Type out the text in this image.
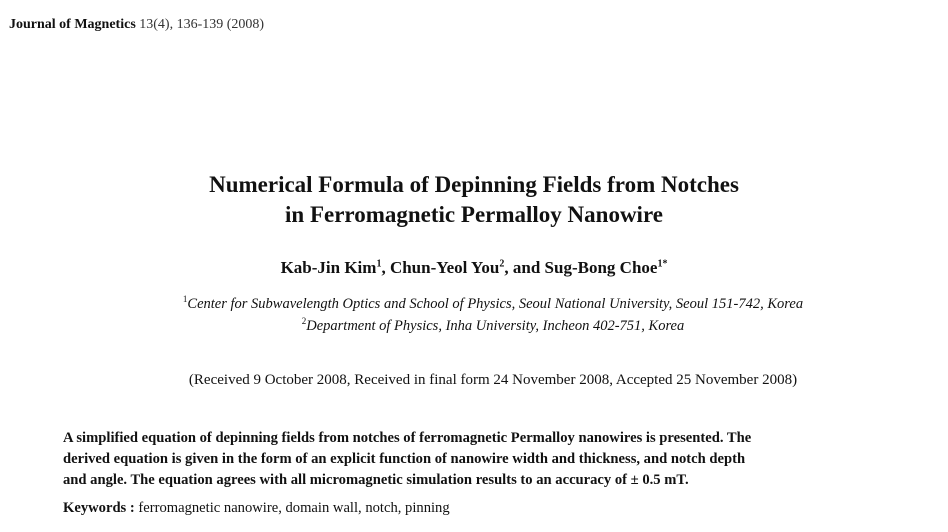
Journal of Magnetics 13(4), 136-139 (2008)
Numerical Formula of Depinning Fields from Notches
in Ferromagnetic Permalloy Nanowire
Kab-Jin Kim$^1$, Chun-Yeol You$^2$, and Sug-Bong Choe$^{1*}$
$^1$Center for Subwavelength Optics and School of Physics, Seoul National University, Seoul 151-742, Korea
$^2$Department of Physics, Inha University, Incheon 402-751, Korea
(Received 9 October 2008, Received in final form 24 November 2008, Accepted 25 November 2008)
A simplified equation of depinning fields from notches of ferromagnetic Permalloy nanowires is presented. The
derived equation is given in the form of an explicit function of nanowire width and thickness, and notch depth
and angle. The equation agrees with all micromagnetic simulation results to an accuracy of ± 0.5 mT.
Keywords : ferromagnetic nanowire, domain wall, notch, pinning
